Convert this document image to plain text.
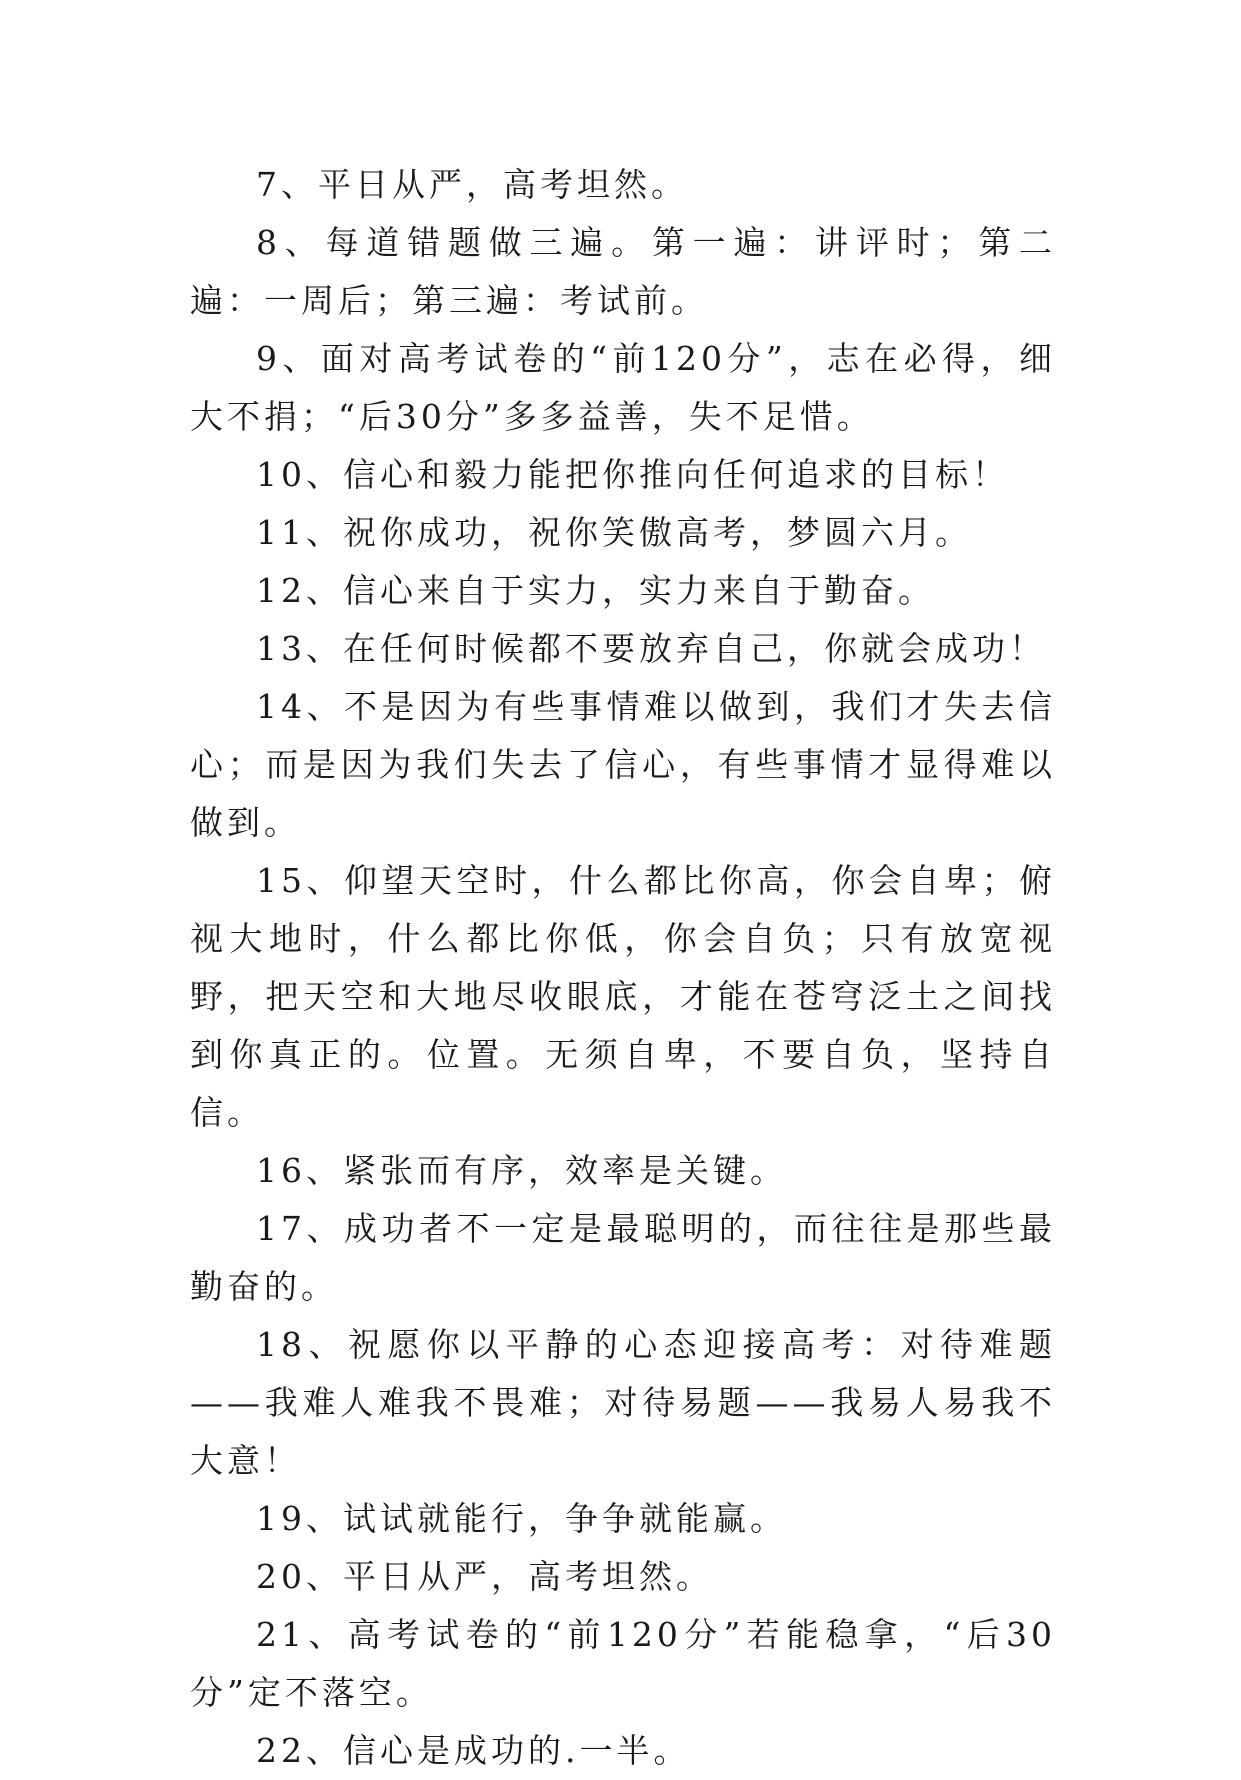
7、平日从严，高考坦然。

8、每道错题做三遍。第一遍：讲评时；第二遍：一周后；第三遍：考试前。

9、面对高考试卷的“前120分”，志在必得，细大不捐；“后30分”多多益善，失不足惜。

10、信心和毅力能把你推向任何追求的目标！

11、祝你成功，祝你笑傲高考，梦圆六月。

12、信心来自于实力，实力来自于勤奋。

13、在任何时候都不要放弃自己，你就会成功！

14、不是因为有些事情难以做到，我们才失去信心；而是因为我们失去了信心，有些事情才显得难以做到。

15、仰望天空时，什么都比你高，你会自卑；俯视大地时，什么都比你低，你会自负；只有放宽视野，把天空和大地尽收眼底，才能在苍穹泛土之间找到你真正的。位置。无须自卑，不要自负，坚持自信。

16、紧张而有序，效率是关键。

17、成功者不一定是最聪明的，而往往是那些最勤奋的。

18、祝愿你以平静的心态迎接高考：对待难题——我难人难我不畏难；对待易题——我易人易我不大意！

19、试试就能行，争争就能赢。

20、平日从严，高考坦然。

21、高考试卷的“前120分”若能稳拿，“后30分”定不落空。

22、信心是成功的.一半。
